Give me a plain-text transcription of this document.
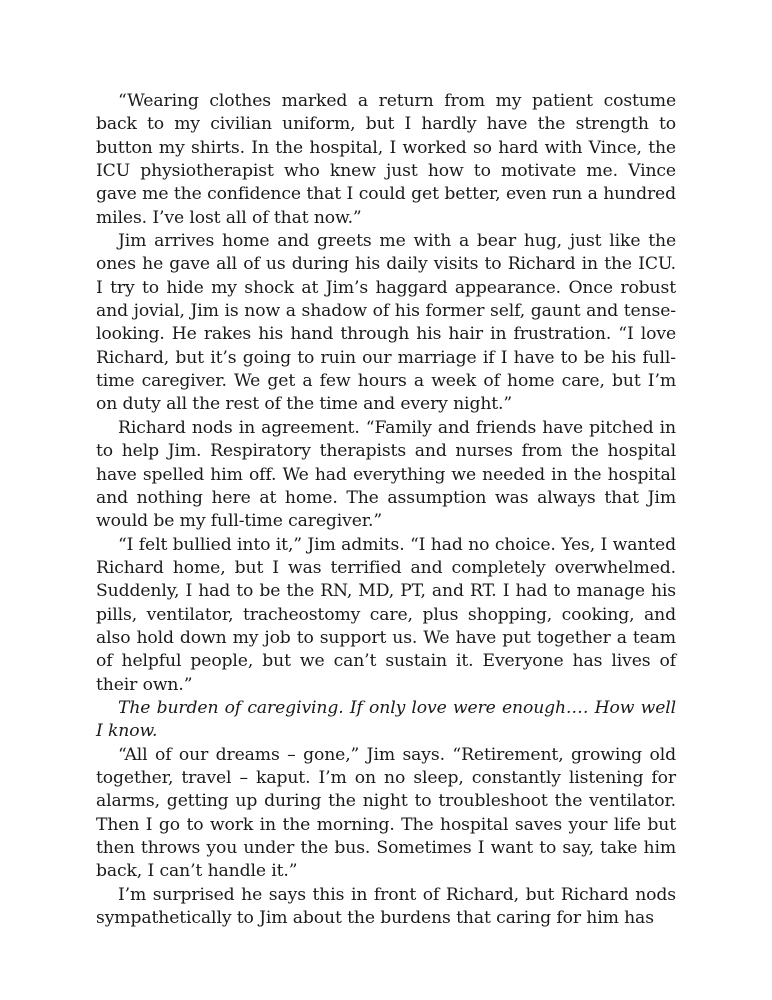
“Wearing clothes marked a return from my patient costume back to my civilian uniform, but I hardly have the strength to button my shirts. In the hospital, I worked so hard with Vince, the ICU physiotherapist who knew just how to motivate me. Vince gave me the confidence that I could get better, even run a hundred miles. I’ve lost all of that now.”

Jim arrives home and greets me with a bear hug, just like the ones he gave all of us during his daily visits to Richard in the ICU. I try to hide my shock at Jim’s haggard appearance. Once robust and jovial, Jim is now a shadow of his former self, gaunt and tense-looking. He rakes his hand through his hair in frustration. “I love Richard, but it’s going to ruin our marriage if I have to be his full-time caregiver. We get a few hours a week of home care, but I’m on duty all the rest of the time and every night.”

Richard nods in agreement. “Family and friends have pitched in to help Jim. Respiratory therapists and nurses from the hospital have spelled him off. We had everything we needed in the hospital and nothing here at home. The assumption was always that Jim would be my full-time caregiver.”

“I felt bullied into it,” Jim admits. “I had no choice. Yes, I wanted Richard home, but I was terrified and completely overwhelmed. Suddenly, I had to be the RN, MD, PT, and RT. I had to manage his pills, ventilator, tracheostomy care, plus shopping, cooking, and also hold down my job to support us. We have put together a team of helpful people, but we can’t sustain it. Everyone has lives of their own.”

The burden of caregiving. If only love were enough.… How well I know.

“All of our dreams – gone,” Jim says. “Retirement, growing old together, travel – kaput. I’m on no sleep, constantly listening for alarms, getting up during the night to troubleshoot the ventilator. Then I go to work in the morning. The hospital saves your life but then throws you under the bus. Sometimes I want to say, take him back, I can’t handle it.”

I’m surprised he says this in front of Richard, but Richard nods sympathetically to Jim about the burdens that caring for him has
